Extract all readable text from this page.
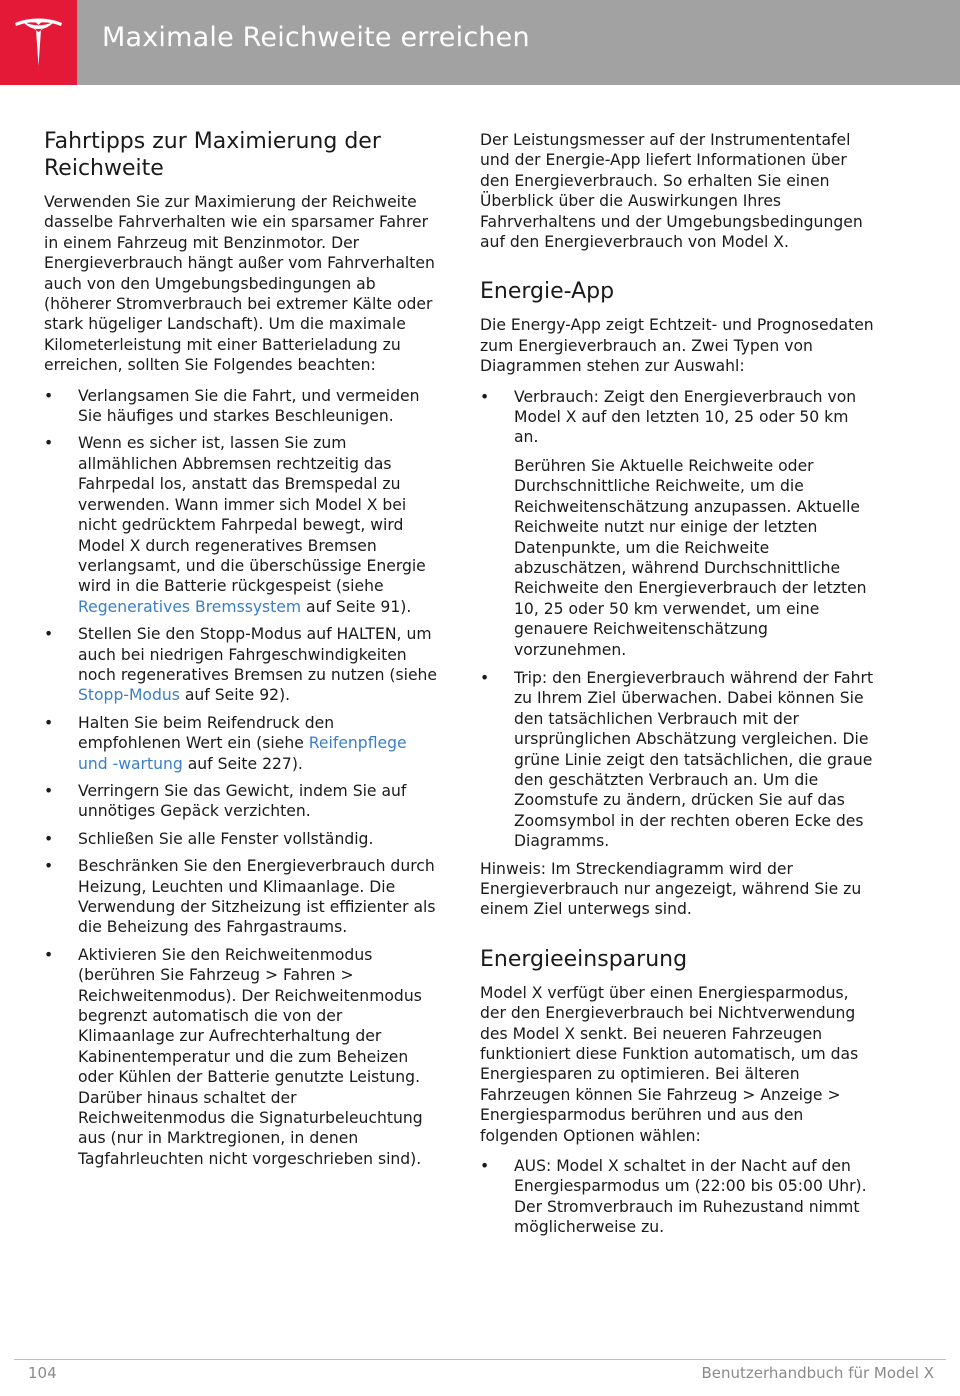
Maximale Reichweite erreichen
Fahrtipps zur Maximierung der Reichweite

Verwenden Sie zur Maximierung der Reichweite dasselbe Fahrverhalten wie ein sparsamer Fahrer in einem Fahrzeug mit Benzinmotor. Der Energieverbrauch hängt außer vom Fahrverhalten auch von den Umgebungsbedingungen ab (höherer Stromverbrauch bei extremer Kälte oder stark hügeliger Landschaft). Um die maximale Kilometerleistung mit einer Batterieladung zu erreichen, sollten Sie Folgendes beachten:

• Verlangsamen Sie die Fahrt, und vermeiden Sie häufiges und starkes Beschleunigen.
• Wenn es sicher ist, lassen Sie zum allmählichen Abbremsen rechtzeitig das Fahrpedal los, anstatt das Bremspedal zu verwenden. Wann immer sich Model X bei nicht gedrücktem Fahrpedal bewegt, wird Model X durch regeneratives Bremsen verlangsamt, und die überschüssige Energie wird in die Batterie rückgespeist (siehe Regeneratives Bremssystem auf Seite 91).
• Stellen Sie den Stopp-Modus auf HALTEN, um auch bei niedrigen Fahrgeschwindigkeiten noch regeneratives Bremsen zu nutzen (siehe Stopp-Modus auf Seite 92).
• Halten Sie beim Reifendruck den empfohlenen Wert ein (siehe Reifenpflege und -wartung auf Seite 227).
• Verringern Sie das Gewicht, indem Sie auf unnötiges Gepäck verzichten.
• Schließen Sie alle Fenster vollständig.
• Beschränken Sie den Energieverbrauch durch Heizung, Leuchten und Klimaanlage. Die Verwendung der Sitzheizung ist effizienter als die Beheizung des Fahrgastraums.
• Aktivieren Sie den Reichweitenmodus (berühren Sie Fahrzeug > Fahren > Reichweitenmodus). Der Reichweitenmodus begrenzt automatisch die von der Klimaanlage zur Aufrechterhaltung der Kabinentemperatur und die zum Beheizen oder Kühlen der Batterie genutzte Leistung. Darüber hinaus schaltet der Reichweitenmodus die Signaturbeleuchtung aus (nur in Marktregionen, in denen Tagfahrleuchten nicht vorgeschrieben sind).

Der Leistungsmesser auf der Instrumententafel und der Energie-App liefert Informationen über den Energieverbrauch. So erhalten Sie einen Überblick über die Auswirkungen Ihres Fahrverhaltens und der Umgebungsbedingungen auf den Energieverbrauch von Model X.

Energie-App

Die Energy-App zeigt Echtzeit- und Prognosedaten zum Energieverbrauch an. Zwei Typen von Diagrammen stehen zur Auswahl:

• Verbrauch: Zeigt den Energieverbrauch von Model X auf den letzten 10, 25 oder 50 km an.

Berühren Sie Aktuelle Reichweite oder Durchschnittliche Reichweite, um die Reichweitenschätzung anzupassen. Aktuelle Reichweite nutzt nur einige der letzten Datenpunkte, um die Reichweite abzuschätzen, während Durchschnittliche Reichweite den Energieverbrauch der letzten 10, 25 oder 50 km verwendet, um eine genauere Reichweitenschätzung vorzunehmen.

• Trip: den Energieverbrauch während der Fahrt zu Ihrem Ziel überwachen. Dabei können Sie den tatsächlichen Verbrauch mit der ursprünglichen Abschätzung vergleichen. Die grüne Linie zeigt den tatsächlichen, die graue den geschätzten Verbrauch an. Um die Zoomstufe zu ändern, drücken Sie auf das Zoomsymbol in der rechten oberen Ecke des Diagramms.

Hinweis: Im Streckendiagramm wird der Energieverbrauch nur angezeigt, während Sie zu einem Ziel unterwegs sind.

Energieeinsparung

Model X verfügt über einen Energiesparmodus, der den Energieverbrauch bei Nichtverwendung des Model X senkt. Bei neueren Fahrzeugen funktioniert diese Funktion automatisch, um das Energiesparen zu optimieren. Bei älteren Fahrzeugen können Sie Fahrzeug > Anzeige > Energiesparmodus berühren und aus den folgenden Optionen wählen:

• AUS: Model X schaltet in der Nacht auf den Energiesparmodus um (22:00 bis 05:00 Uhr). Der Stromverbrauch im Ruhezustand nimmt möglicherweise zu.
104	Benutzerhandbuch für Model X
